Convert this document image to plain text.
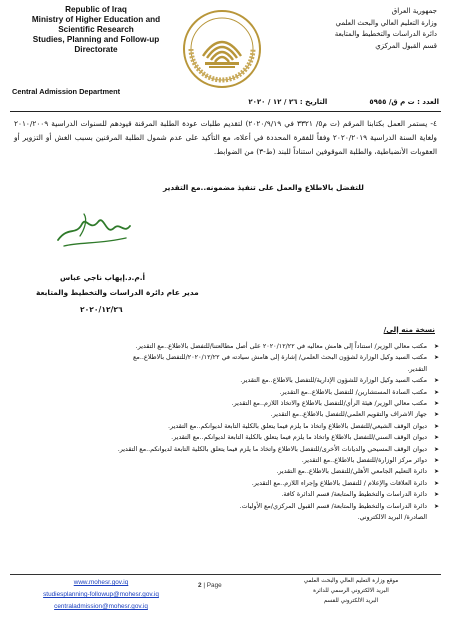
Republic of Iraq
Ministry of Higher Education and
Scientific Research
Studies, Planning and Follow-up
Directorate
جمهورية العراق
وزارة التعليم العالي والبحث العلمي
دائرة الدراسات والتخطيط والمتابعة
قسم القبول المركزي
Central Admission Department
العدد : ت م ق/ ٥٩٥٥
التاريخ : ٢٦ / ١٢ / ٢٠٢٠
٤- يستمر العمل بكتابنا المرقم (ت م٥/ ٣٣٢١ في ٢٠٢٠/٩/١٩) لتقديم طلبات عودة الطلبة المرقنة قيودهم للسنوات الدراسية ٢٠١٠/٢٠٠٩ ولغاية السنة الدراسية ٢٠٢٠/٢٠١٩ وفقاً للفقرة المحددة في أعلاه، مع التأكيد على عدم شمول الطلبة المرقنين بسبب الغش أو التزوير أو العقوبات الأنضباطية، والطلبة الموقوفين استناداً للبند (ط-٣) من الضوابط.
للتفضل بالاطلاع والعمل على تنفيذ مضمونه..مع التقدير
أ.م.د.إيهاب ناجي عباس
مدير عام دائرة الدراسات والتخطيط والمتابعة
٢٠٢٠/١٢/٢٦
نسخة منه إلى/
➤ مكتب معالي الوزير/ استناداً إلى هامش معاليه في ٢٠٢٠/١٢/٢٢ على أصل مطالعتنا/للتفضل بالاطلاع..مع التقدير.
➤ مكتب السيد وكيل الوزارة لشؤون البحث العلمي/ إشارة إلى هامش سيادته في ٢٠٢٠/١٢/٢٢/للتفضل بالاطلاع..مع
التقدير.
➤ مكتب السيد وكيل الوزارة للشؤون الإدارية/للتفضل بالاطلاع..مع التقدير.
➤ مكتب السادة المستشارين/ للتفضل بالاطلاع..مع التقدير.
➤ مكتب معالي الوزير/ هيئة الرأي/للتفضل بالاطلاع والاتخاذ اللازم..مع التقدير.
➤ جهاز الاشراف والتقويم العلمي/للتفضل بالاطلاع..مع التقدير.
➤ ديوان الوقف الشيعي/للتفضل بالاطلاع واتخاذ ما يلزم فيما يتعلق بالكلية التابعة لديوانكم..مع التقدير.
➤ ديوان الوقف السني/للتفضل بالاطلاع واتخاذ ما يلزم فيما يتعلق بالكلية التابعة لديوانكم..مع التقدير.
➤ ديوان الوقف المسيحي والديانات الأخرى/للتفضل بالاطلاع واتخاذ ما يلزم فيما يتعلق بالكلية التابعة لديوانكم..مع التقدير.
➤ دوائر مركز الوزارة/للتفضل بالاطلاع..مع التقدير.
➤ دائرة التعليم الجامعي الأهلي/للتفضل بالاطلاع..مع التقدير.
➤ دائرة العلاقات والإعلام / للتفضل بالاطلاع وإجراء اللازم..مع التقدير.
➤ دائرة الدراسات والتخطيط والمتابعة/ قسم الدائرة كافة.
➤ دائرة الدراسات والتخطيط والمتابعة/ قسم القبول المركزي/مع الأوليات.
الصادرة/ البريد الالكتروني.
www.mohesr.gov.iq
studiesplanning-followup@mohesr.gov.iq
centraladmission@mohesr.gov.iq
2 | Page
موقع وزارة التعليم العالي والبحث العلمي
البريد الالكتروني الرسمي للدائرة
البريد الالكتروني للقسم
